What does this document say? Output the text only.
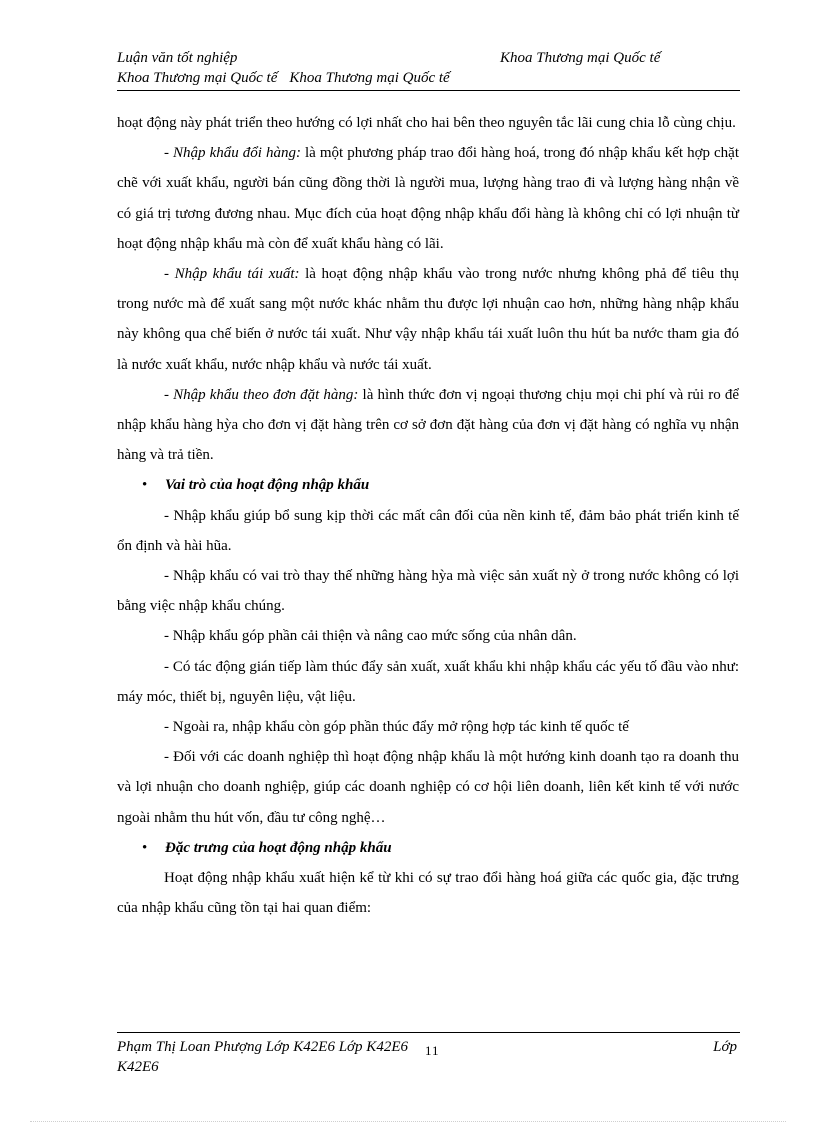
Luận văn tốt nghiệp	Khoa Thương mại Quốc tế
Khoa Thương mại Quốc tế Khoa Thương mại Quốc tế

hoạt động này phát triển theo hướng có lợi nhất cho hai bên theo nguyên tắc lãi cung chia lỗ cùng chịu.

- Nhập khẩu đổi hàng: là một phương pháp trao đổi hàng hoá, trong đó nhập khẩu kết hợp chặt chẽ với xuất khẩu, người bán cũng đồng thời là người mua, lượng hàng trao đi và lượng hàng nhận về có giá trị tương đương nhau. Mục đích của hoạt động nhập khẩu đổi hàng là không chỉ có lợi nhuận từ hoạt động nhập khẩu mà còn để xuất khẩu hàng có lãi.

- Nhập khẩu tái xuất: là hoạt động nhập khẩu vào trong nước nhưng không phả để tiêu thụ trong nước mà để xuất sang một nước khác nhằm thu được lợi nhuận cao hơn, những hàng nhập khẩu này không qua chế biến ở nước tái xuất. Như vậy nhập khẩu tái xuất luôn thu hút ba nước tham gia đó là nước xuất khẩu, nước nhập khẩu và nước tái xuất.

- Nhập khẩu theo đơn đặt hàng: là hình thức đơn vị ngoại thương chịu mọi chi phí và rủi ro để nhập khẩu hàng hỳa cho đơn vị đặt hàng trên cơ sở đơn đặt hàng của đơn vị đặt hàng có nghĩa vụ nhận hàng và trả tiền.

• Vai trò của hoạt động nhập khẩu

- Nhập khẩu giúp bổ sung kịp thời các mất cân đối của nền kinh tế, đảm bảo phát triển kinh tế ổn định và hài hũa.

- Nhập khẩu có vai trò thay thế những hàng hỳa mà việc sản xuất nỳ ở trong nước không có lợi bằng việc nhập khẩu chúng.

- Nhập khẩu góp phần cải thiện và nâng cao mức sống của nhân dân.

- Có tác động gián tiếp làm thúc đẩy sản xuất, xuất khẩu khi nhập khẩu các yếu tố đầu vào như: máy móc, thiết bị, nguyên liệu, vật liệu.

- Ngoài ra, nhập khẩu còn góp phần thúc đẩy mở rộng hợp tác kinh tế quốc tế

- Đối với các doanh nghiệp thì hoạt động nhập khẩu là một hướng kinh doanh tạo ra doanh thu và lợi nhuận cho doanh nghiệp, giúp các doanh nghiệp có cơ hội liên doanh, liên kết kinh tế với nước ngoài nhằm thu hút vốn, đầu tư công nghệ…

• Đặc trưng của hoạt động nhập khẩu

Hoạt động nhập khẩu xuất hiện kể từ khi có sự trao đổi hàng hoá giữa các quốc gia, đặc trưng của nhập khẩu cũng tồn tại hai quan điểm:

Phạm Thị Loan Phượng Lớp K42E6 Lớp K42E6	Lớp
11
K42E6
